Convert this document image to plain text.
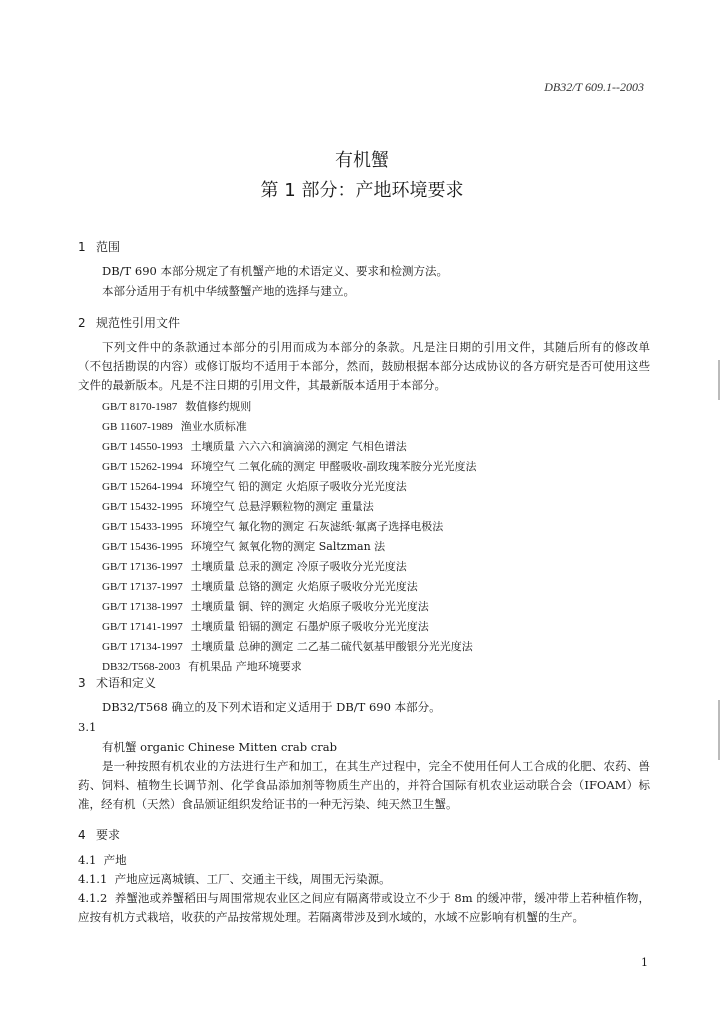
DB32/T 609.1--2003
有机蟹
第 1 部分：产地环境要求
1 范围
DB/T 690 本部分规定了有机蟹产地的术语定义、要求和检测方法。
本部分适用于有机中华绒螯蟹产地的选择与建立。
2 规范性引用文件
下列文件中的条款通过本部分的引用而成为本部分的条款。凡是注日期的引用文件，其随后所有的修改单（不包括勘误的内容）或修订版均不适用于本部分，然而，鼓励根据本部分达成协议的各方研究是否可使用这些文件的最新版本。凡是不注日期的引用文件，其最新版本适用于本部分。
GB/T 8170-1987 数值修约规则
GB 11607-1989 渔业水质标准
GB/T 14550-1993 土壤质量 六六六和滴滴涕的测定 气相色谱法
GB/T 15262-1994 环境空气 二氧化硫的测定 甲醛吸收-副玫瑰苯胺分光光度法
GB/T 15264-1994 环境空气 铅的测定 火焰原子吸收分光光度法
GB/T 15432-1995 环境空气 总悬浮颗粒物的测定 重量法
GB/T 15433-1995 环境空气 氟化物的测定 石灰滤纸·氟离子选择电极法
GB/T 15436-1995 环境空气 氮氧化物的测定 Saltzman 法
GB/T 17136-1997 土壤质量 总汞的测定 冷原子吸收分光光度法
GB/T 17137-1997 土壤质量 总铬的测定 火焰原子吸收分光光度法
GB/T 17138-1997 土壤质量 铜、锌的测定 火焰原子吸收分光光度法
GB/T 17141-1997 土壤质量 铅镉的测定 石墨炉原子吸收分光光度法
GB/T 17134-1997 土壤质量 总砷的测定 二乙基二硫代氨基甲酸银分光光度法
DB32/T568-2003 有机果品 产地环境要求
3 术语和定义
DB32/T568 确立的及下列术语和定义适用于 DB/T 690 本部分。
3.1
有机蟹 organic Chinese Mitten crab crab
是一种按照有机农业的方法进行生产和加工，在其生产过程中，完全不使用任何人工合成的化肥、农药、兽药、饲料、植物生长调节剂、化学食品添加剂等物质生产出的，并符合国际有机农业运动联合会（IFOAM）标准，经有机（天然）食品颁证组织发给证书的一种无污染、纯天然卫生蟹。
4 要求
4.1 产地
4.1.1 产地应远离城镇、工厂、交通主干线，周围无污染源。
4.1.2 养蟹池或养蟹稻田与周围常规农业区之间应有隔离带或设立不少于 8m 的缓冲带，缓冲带上若种植作物，应按有机方式栽培，收获的产品按常规处理。若隔离带涉及到水域的，水域不应影响有机蟹的生产。
1
